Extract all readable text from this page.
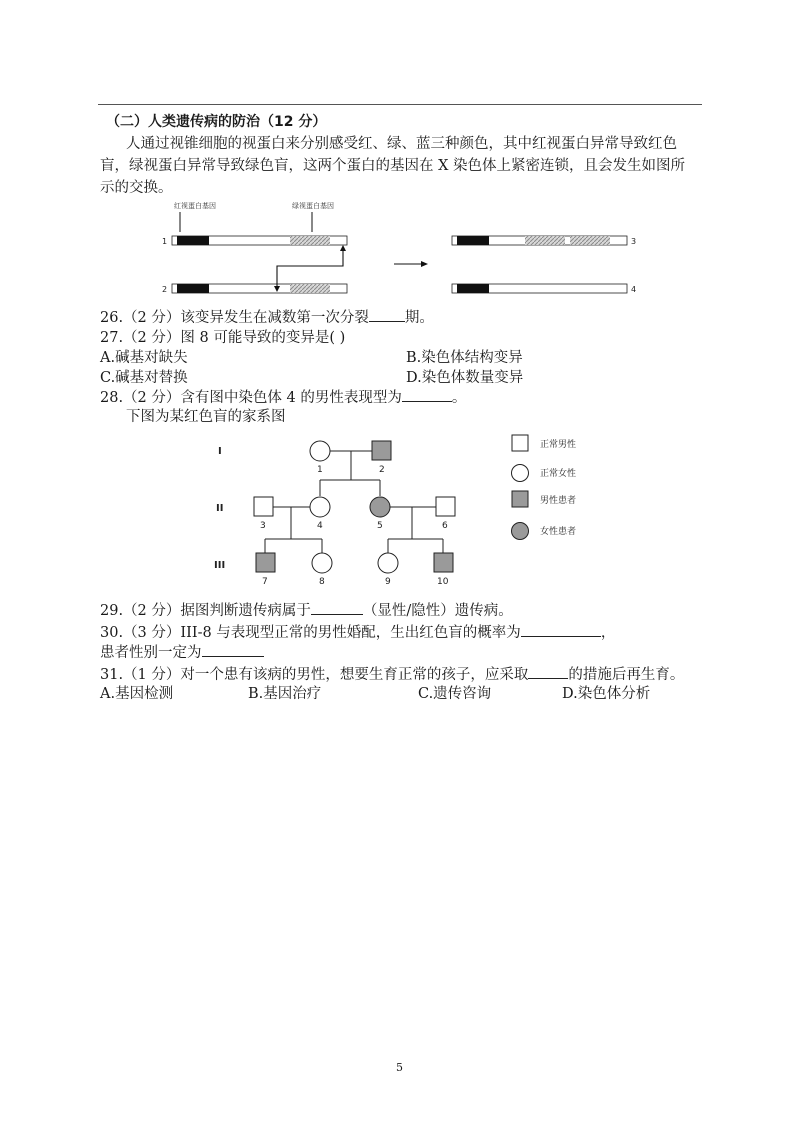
（二）人类遗传病的防治（12 分）
人通过视锥细胞的视蛋白来分别感受红、绿、蓝三种颜色，其中红视蛋白异常导致红色
盲，绿视蛋白异常导致绿色盲，这两个蛋白的基因在 X 染色体上紧密连锁，且会发生如图所
示的交换。
红视蛋白基因	绿视蛋白基因
1
2
3
4
26.（2 分）该变异发生在减数第一次分裂 期。
27.（2 分）图 8 可能导致的变异是( )
A.碱基对缺失	B.染色体结构变异
C.碱基对替换	D.染色体数量变异
28.（2 分）含有图中染色体 4 的男性表现型为	。
下图为某红色盲的家系图
I
II
III
1	2
3	4	5	6
7	8	9	10
正常男性
正常女性
男性患者
女性患者
29.（2 分）据图判断遗传病属于	（显性/隐性）遗传病。
30.（3 分）III-8 与表现型正常的男性婚配，生出红色盲的概率为	，
患者性别一定为
31.（1 分）对一个患有该病的男性，想要生育正常的孩子，应采取	的措施后再生育。
A.基因检测	B.基因治疗	C.遗传咨询	D.染色体分析
5
